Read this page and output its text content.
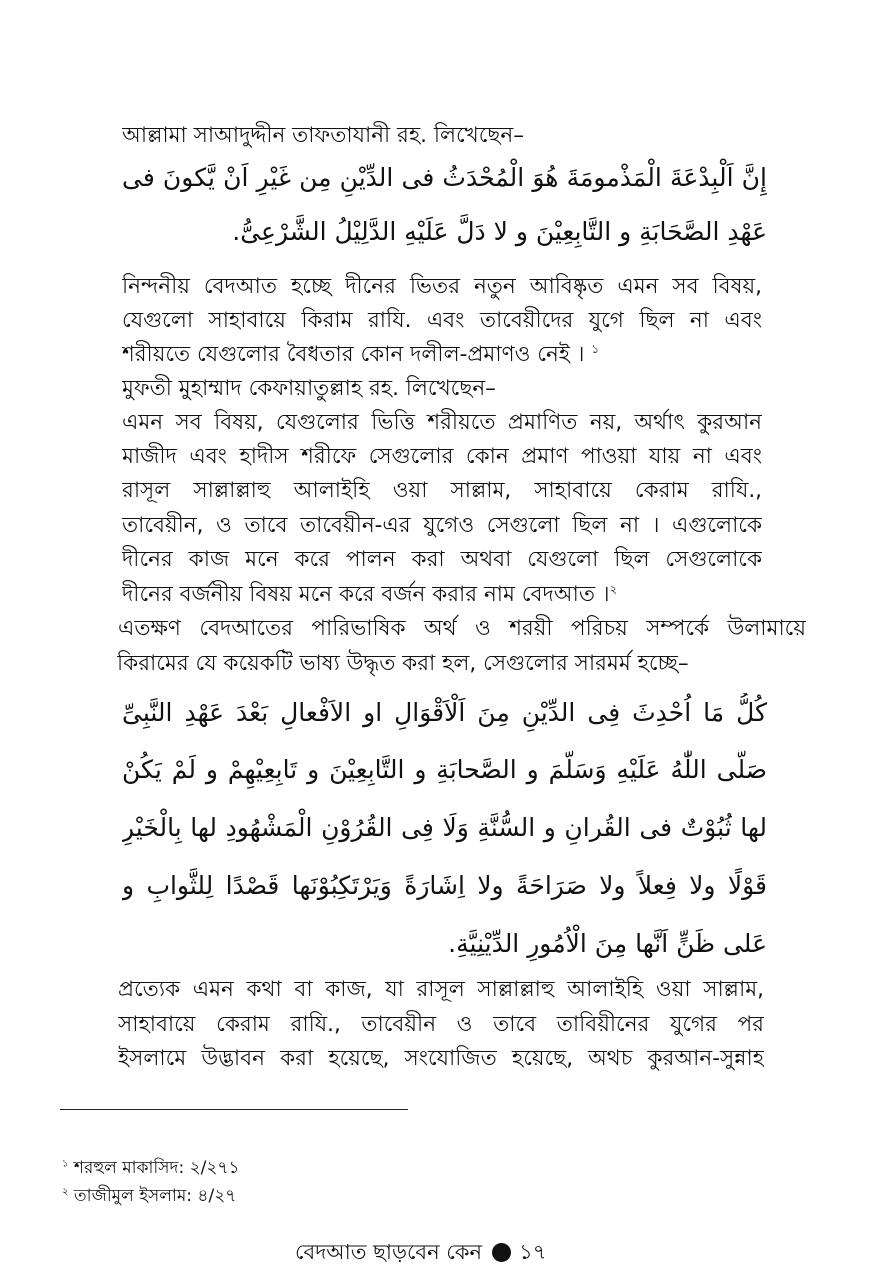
আল্লামা সাআদুদ্দীন তাফতাযানী রহ. লিখেছেন–
إِنَّ اَلْبِدْعَةَ الْمَذْمومَةَ هُوَ الْمُحْدَثُ فى الدِّيْنِ مِن غَيْرِ اَنْ يَّكونَ فى
عَهْدِ الصَّحَابَةِ و التَّابِعِيْنَ و لا دَلَّ عَلَيْهِ الدَّلِيْلُ الشَّرْعِىُّ.
নিন্দনীয় বেদআত হচ্ছে দীনের ভিতর নতুন আবিষ্কৃত এমন সব বিষয়,
যেগুলো সাহাবায়ে কিরাম রাযি. এবং তাবেয়ীদের যুগে ছিল না এবং
শরীয়তে যেগুলোর বৈধতার কোন দলীল-প্রমাণও নেই । $^১$
মুফতী মুহাম্মাদ কেফায়াতুল্লাহ রহ. লিখেছেন–
এমন সব বিষয়, যেগুলোর ভিত্তি শরীয়তে প্রমাণিত নয়, অর্থাৎ কুরআন
মাজীদ এবং হাদীস শরীফে সেগুলোর কোন প্রমাণ পাওয়া যায় না এবং
রাসূল সাল্লাল্লাহু আলাইহি ওয়া সাল্লাম, সাহাবায়ে কেরাম রাযি.,
তাবেয়ীন, ও তাবে তাবেয়ীন-এর যুগেও সেগুলো ছিল না । এগুলোকে
দীনের কাজ মনে করে পালন করা অথবা যেগুলো ছিল সেগুলোকে
দীনের বর্জনীয় বিষয় মনে করে বর্জন করার নাম বেদআত ।$^২$
এতক্ষণ বেদআতের পারিভাষিক অর্থ ও শরয়ী পরিচয় সম্পর্কে উলামায়ে
কিরামের যে কয়েকটি ভাষ্য উদ্ধৃত করা হল, সেগুলোর সারমর্ম হচ্ছে–
كُلُّ مَا اُحْدِثَ فِى الدِّيْنِ مِنَ اَلْاَقْوَالِ او الاَفْعالِ بَعْدَ عَهْدِ النَّبِىِّ
صَلَّى اللّٰهُ عَلَيْهِ وَسَلَّمَ و الصَّحابَةِ و التَّابِعِيْنَ و تَابِعِيْهِمْ و لَمْ يَكُنْ
لها ثُبُوْتٌ فى القُرانِ و السُّنَّةِ وَلَا فِى القُرُوْنِ الْمَشْهُودِ لها بِالْخَيْرِ
قَوْلًا ولا فِعلاً ولا صَرَاحَةً ولا اِشَارَةً وَيَرْتَكِبُوْنَها قَصْدًا لِلثَّوابِ و
عَلى ظَنٍّ اَنَّها مِنَ الْاُمُورِ الدِّيْنِيَّةِ.
প্রত্যেক এমন কথা বা কাজ, যা রাসূল সাল্লাল্লাহু আলাইহি ওয়া সাল্লাম,
সাহাবায়ে কেরাম রাযি., তাবেয়ীন ও তাবে তাবিয়ীনের যুগের পর
ইসলামে উদ্ভাবন করা হয়েছে, সংযোজিত হয়েছে, অথচ কুরআন-সুন্নাহ
$^১$ শরহুল মাকাসিদ: ২/২৭১
$^২$ তাজীমুল ইসলাম: ৪/২৭
বেদআত ছাড়বেন কেন ১৭
